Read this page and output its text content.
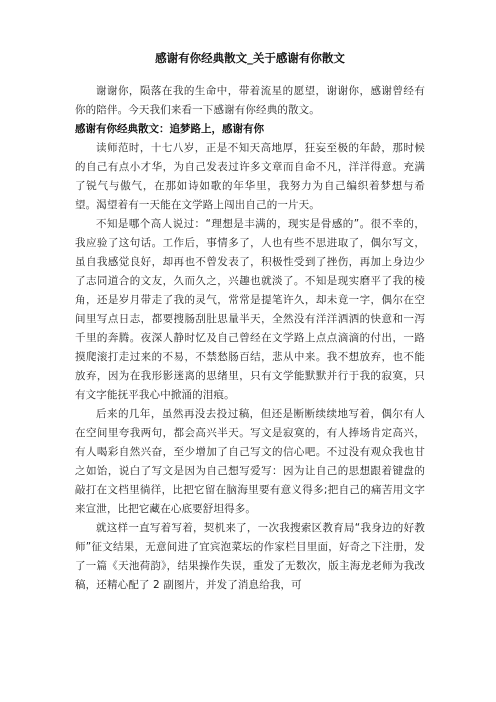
感谢有你经典散文_关于感谢有你散文

谢谢你，陨落在我的生命中，带着流星的愿望，谢谢你，感谢曾经有你的陪伴。今天我们来看一下感谢有你经典的散文。

感谢有你经典散文：追梦路上，感谢有你

读师范时，十七八岁，正是不知天高地厚，狂妄至极的年龄，那时候的自己有点小才华，为自己发表过许多文章而自命不凡，洋洋得意。充满了锐气与傲气，在那如诗如歌的年华里，我努力为自己编织着梦想与希望。渴望着有一天能在文学路上闯出自己的一片天。

不知是哪个高人说过：“理想是丰满的，现实是骨感的”。很不幸的，我应验了这句话。工作后，事情多了，人也有些不思进取了，偶尔写文，虽自我感觉良好，却再也不曾发表了，积极性受到了挫伤，再加上身边少了志同道合的文友，久而久之，兴趣也就淡了。不知是现实磨平了我的棱角，还是岁月带走了我的灵气，常常是提笔许久，却未竟一字，偶尔在空间里写点日志，都要搜肠刮肚思量半天，全然没有洋洋洒洒的快意和一泻千里的奔腾。夜深人静时忆及自己曾经在文学路上点点滴滴的付出，一路摸爬滚打走过来的不易，不禁愁肠百结，悲从中来。我不想放弃，也不能放弃，因为在我形影迷离的思绪里，只有文学能默默并行于我的寂寞，只有文字能抚平我心中掀涌的泪痕。

后来的几年，虽然再没去投过稿，但还是断断续续地写着，偶尔有人在空间里夸我两句，都会高兴半天。写文是寂寞的，有人捧场肯定高兴，有人喝彩自然兴奋，至少增加了自己写文的信心吧。不过没有观众我也甘之如饴，说白了写文是因为自己想写爱写：因为让自己的思想跟着键盘的敲打在文档里徜徉，比把它留在脑海里要有意义得多;把自己的痛苦用文字来宣泄，比把它藏在心底要舒坦得多。

就这样一直写着写着，契机来了，一次我搜索区教育局“我身边的好教师”征文结果，无意间进了宜宾泡菜坛的作家栏目里面，好奇之下注册，发了一篇《天池荷韵》，结果操作失误，重发了无数次，版主海龙老师为我改稿，还精心配了 2 副图片，并发了消息给我，可
